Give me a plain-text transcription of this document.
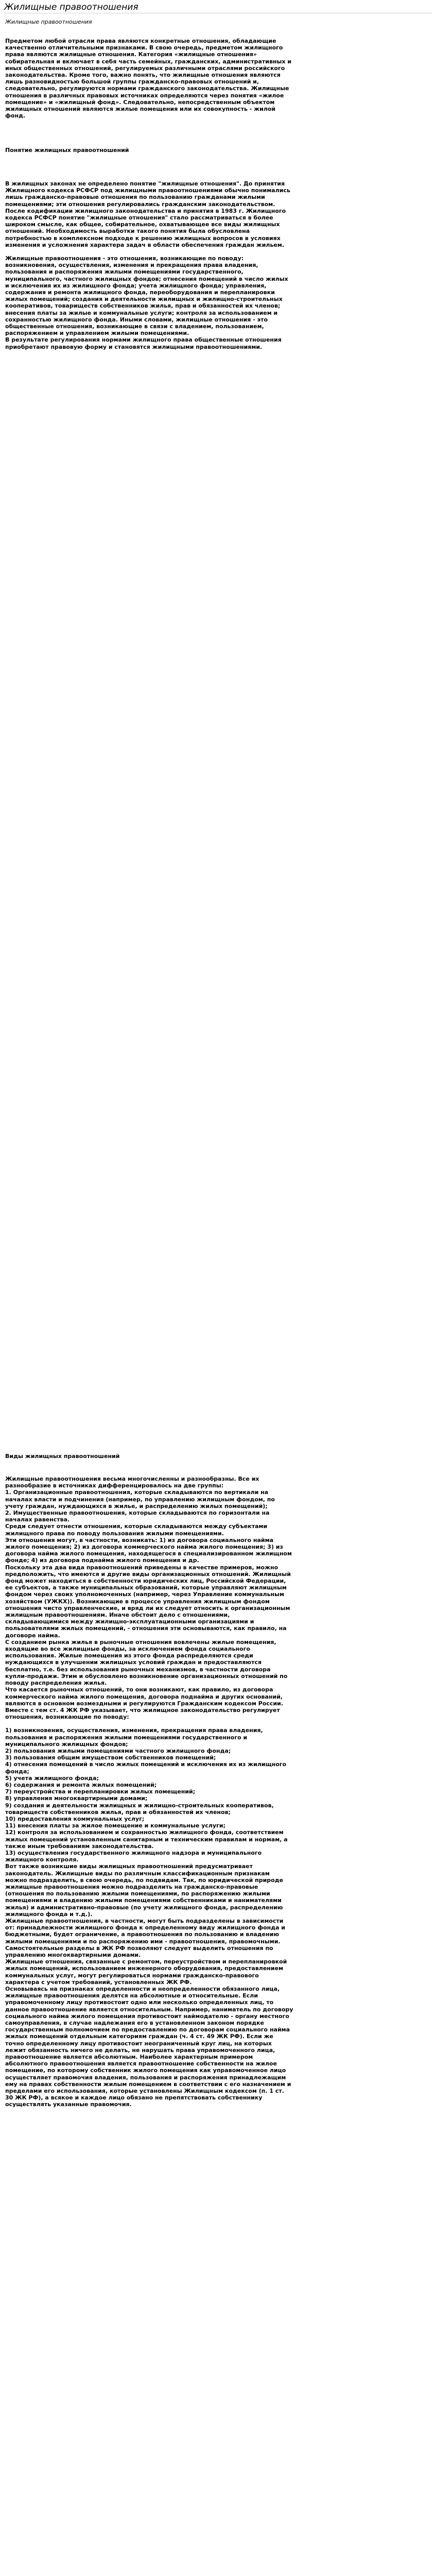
Жилищные правоотношения
Жилищные правоотношения
Предметом любой отрасли права являются конкретные отношения, обладающие качественно отличительными признаками. В свою очередь, предметом жилищного права являются жилищные отношения. Категория «жилищные отношения» собирательная и включает в себя часть семейных, гражданских, административных и иных общественных отношений, регулируемых различными отраслями российского законодательства. Кроме того, важно понять, что жилищные отношения являются лишь разновидностью большой группы гражданско-правовых отношений и, следовательно, регулируются нормами гражданского законодательства. Жилищные отношения в различных правовых источниках определяются через понятия «жилое помещение» и «жилищный фонд». Следовательно, непосредственным объектом жилищных отношений являются жилые помещения или их совокупность - жилой фонд.
Понятие жилищных правоотношений

В жилищных законах не определено понятие "жилищные отношения". До принятия Жилищного кодекса РСФСР под жилищными правоотношениями обычно понимались лишь гражданско-правовые отношения по пользованию гражданами жилыми помещениями; эти отношения регулировались гражданским законодательством. После кодификации жилищного законодательства и принятия в 1983 г. Жилищного кодекса РСФСР понятие "жилищные отношения" стало рассматриваться в более широком смысле, как общее, собирательное, охватывающее все виды жилищных отношений. Необходимость выработки такого понятия была обусловлена потребностью в комплексном подходе к решению жилищных вопросов в условиях изменения и усложнения характера задач в области обеспечения граждан жильем.

Жилищные правоотношения - это отношения, возникающие по поводу: возникновения, осуществления, изменения и прекращения права владения, пользования и распоряжения жилыми помещениями государственного, муниципального, частного жилищных фондов; отнесения помещений в число жилых и исключения их из жилищного фонда; учета жилищного фонда; управления, содержания и ремонта жилищного фонда, переоборудования и перепланировки жилых помещений; создания и деятельности жилищных и жилищно-строительных кооперативов, товариществ собственников жилья, прав и обязанностей их членов; внесения платы за жилые и коммунальные услуги; контроля за использованием и сохранностью жилищного фонда. Иными словами, жилищные отношения - это общественные отношения, возникающие в связи с владением, пользованием, распоряжением и управлением жилыми помещениями.

В результате регулирования нормами жилищного права общественные отношения приобретают правовую форму и становятся жилищными правоотношениями.

Виды жилищных правоотношений

Жилищные правоотношения весьма многочисленны и разнообразны. Все их разнообразие в источниках дифференцировалось на две группы:

1. Организационные правоотношения, которые складываются по вертикали на началах власти и подчинения (например, по управлению жилищным фондом, по учету граждан, нуждающихся в жилье, и распределению жилых помещений);

2. Имущественные правоотношения, которые складываются по горизонтали на началах равенства.

Среди следует отнести отношения, которые складываются между субъектами жилищного права по поводу пользования жилыми помещениями.

Эти отношения могут, в частности, возникать: 1) из договора социального найма жилого помещения; 2) из договора коммерческого найма жилого помещения; 3) из договора найма жилого помещения, находящегося в специализированном жилищном фонде; 4) из договора поднайма жилого помещения и др.

Поскольку эта два вида правоотношений приведены в качестве примеров, можно предположить, что имеются и другие виды организационных отношений. Жилищный фонд может находиться в собственности юридических лиц, Российской Федерации, ее субъектов, а также муниципальных образований, которые управляют жилищным фондом через своих уполномоченных (например, через Управление коммунальным хозяйством (УЖКХ)). Возникающие в процессе управления жилищным фондом отношения чисто управленческие, и вряд ли их следует относить к организационным жилищным правоотношениям. Иначе обстоит дело с отношениями, складывающимися между жилищно-эксплуатационными организациями и пользователями жилых помещений, - отношения эти основываются, как правило, на договоре найма.

С созданием рынка жилья в рыночные отношения вовлечены жилые помещения, входящие во все жилищные фонды, за исключением фонда социального использования. Жилые помещения из этого фонда распределяются среди нуждающихся в улучшении жилищных условий граждан и предоставляются бесплатно, т.е. без использования рыночных механизмов, в частности договора купли-продажи. Этим и обусловлено возникновение организационных отношений по поводу распределения жилья.

Что касается рыночных отношений, то они возникают, как правило, из договора коммерческого найма жилого помещения, договора поднайма и других оснований, являются в основном возмездными и регулируются Гражданским кодексом России.

Вместе с тем ст. 4 ЖК РФ указывает, что жилищное законодательство регулирует отношения, возникающие по поводу:

1) возникновения, осуществления, изменения, прекращения права владения, пользования и распоряжения жилыми помещениями государственного и муниципального жилищных фондов;

2) пользования жилыми помещениями частного жилищного фонда;

3) пользования общим имуществом собственников помещений;

4) отнесения помещений в число жилых помещений и исключения их из жилищного фонда;

5) учета жилищного фонда;

6) содержания и ремонта жилых помещений;

7) переустройства и перепланировки жилых помещений;

8) управления многоквартирными домами;

9) создания и деятельности жилищных и жилищно-строительных кооперативов, товариществ собственников жилья, прав и обязанностей их членов;

10) предоставления коммунальных услуг;

11) внесения платы за жилое помещение и коммунальные услуги;

12) контроля за использованием и сохранностью жилищного фонда, соответствием жилых помещений установленным санитарным и техническим правилам и нормам, а также иным требованиям законодательства.

13) осуществления государственного жилищного надзора и муниципального жилищного контроля.

Вот также возникшие виды жилищных правоотношений предусматривает законодатель. Жилищные виды по различным классификационным признакам можно подразделить, в свою очередь, по подвидам. Так, по юридической природе жилищные правоотношения можно подразделить на гражданско-правовые (отношения по пользованию жилыми помещениями, по распоряжению жилыми помещениями и владению жилыми помещениями собственниками и нанимателями жилья) и административно-правовые (по учету жилищного фонда, распределению жилищного фонда и т.д.).

Жилищные правоотношения, в частности, могут быть подразделены в зависимости от: принадлежности жилищного фонда к определенному виду жилищного фонда и бюджетными, будет ограничение, а правоотношения по пользованию и владению жилыми помещениями и по распоряжению ими - правоотношения, правомочными.

Самостоятельные разделы в ЖК РФ позволяют следует выделить отношения по управлению многоквартирными домами.

Жилищные отношения, связанные с ремонтом, переустройством и перепланировкой жилых помещений, использованием инженерного оборудования, предоставлением коммунальных услуг, могут регулироваться нормами гражданско-правового характера с учетом требований, установленных ЖК РФ.

Основываясь на признаках определенности и неопределенности обязанного лица, жилищные правоотношения делятся на абсолютные и относительные. Если управомоченному лицу противостоит одно или несколько определенных лиц, то данное правоотношение является относительным. Например, наниматель по договору социального найма жилого помещения противостоит наймодателю - органу местного самоуправления, в случае надлежания его в установленном законом порядке государственным полномочием по предоставлению по договорам социального найма жилых помещений отдельным категориям граждан (ч. 4 ст. 49 ЖК РФ). Если же точно определенному лицу противостоит неограниченный круг лиц, на которых лежит обязанность ничего не делать, не нарушать права управомоченного лица, правоотношение является абсолютным. Наиболее характерным примером абсолютного правоотношения является правоотношение собственности на жилое помещение, по которому собственник жилого помещения как управомоченное лицо осуществляет правомочия владения, пользования и распоряжения принадлежащим ему на правах собственности жилым помещением в соответствии с его назначением и пределами его использования, которые установлены Жилищным кодексом (п. 1 ст. 30 ЖК РФ), а всякое и каждое лицо обязано не препятствовать собственнику осуществлять указанные правомочия.
